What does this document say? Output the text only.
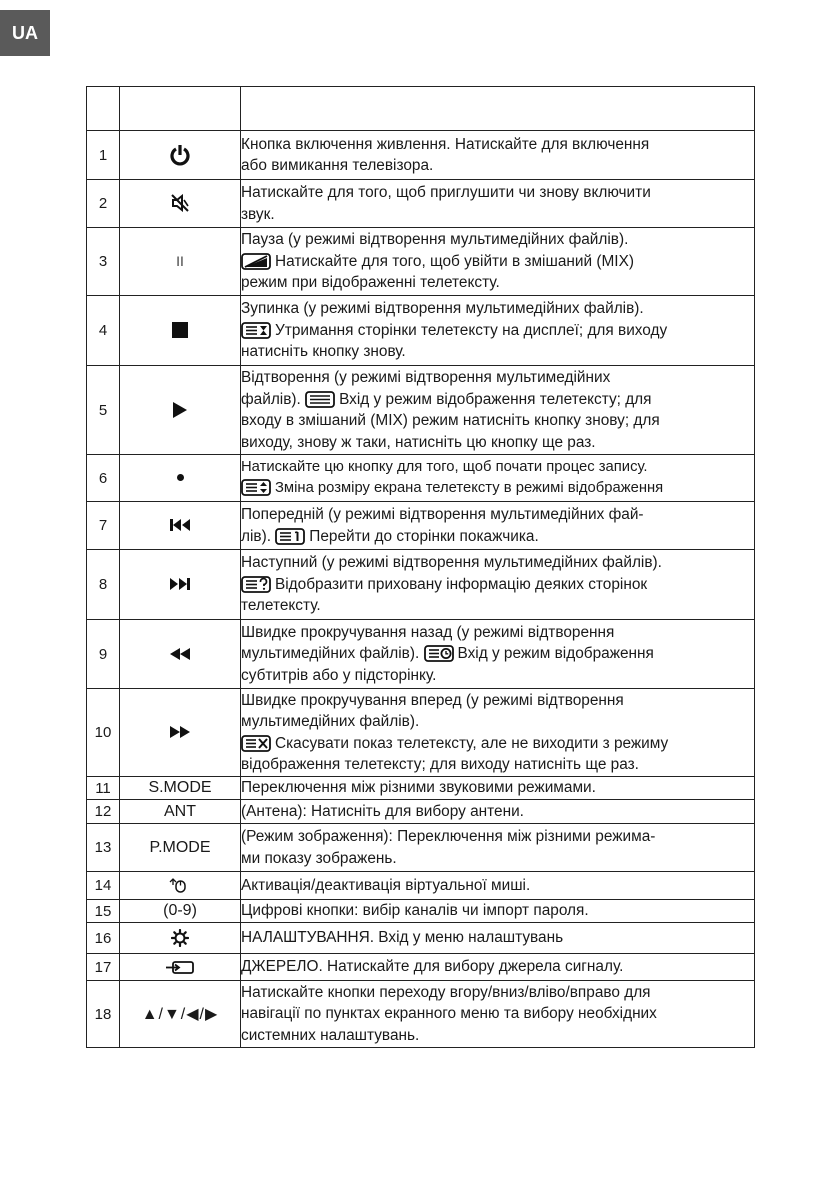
UA

1		Кнопка включення живлення. Натискайте для включення
або вимикання телевізора.

2		Натискайте для того, щоб приглушити чи знову включити
звук.

3	II	Пауза (у режимі відтворення мультимедійних файлів).
Натискайте для того, щоб увійти в змішаний (MIX)
режим при відображенні телетексту.

4		Зупинка (у режимі відтворення мультимедійних файлів).
Утримання сторінки телетексту на дисплеї; для виходу
натисніть кнопку знову.

5		Відтворення (у режимі відтворення мультимедійних
файлів). Вхід у режим відображення телетексту; для
входу в змішаний (MIX) режим натисніть кнопку знову; для
виходу, знову ж таки, натисніть цю кнопку ще раз.

6		Натискайте цю кнопку для того, щоб почати процес запису.
Зміна розміру екрана телетексту в режимі відображення

7		Попередній (у режимі відтворення мультимедійних фай-
лів). Перейти до сторінки покажчика.

8		Наступний (у режимі відтворення мультимедійних файлів).
Відобразити приховану інформацію деяких сторінок
телетексту.

9		Швидке прокручування назад (у режимі відтворення
мультимедійних файлів). Вхід у режим відображення
субтитрів або у підсторінку.

10		Швидке прокручування вперед (у режимі відтворення
мультимедійних файлів).
Скасувати показ телетексту, але не виходити з режиму
відображення телетексту; для виходу натисніть ще раз.

11	S.MODE	Переключення між різними звуковими режимами.
12	ANT	(Антена): Натисніть для вибору антени.
13	P.MODE	(Режим зображення): Переключення між різними режима-
ми показу зображень.

14		Активація/деактивація віртуальної миші.
15	(0-9)	Цифрові кнопки: вибір каналів чи імпорт пароля.
16		НАЛАШТУВАННЯ. Вхід у меню налаштувань
17		ДЖЕРЕЛО. Натискайте для вибору джерела сигналу.
18	▲/▼/◀/▶	Натискайте кнопки переходу вгору/вниз/вліво/вправо для
навігації по пунктах екранного меню та вибору необхідних
системних налаштувань.
